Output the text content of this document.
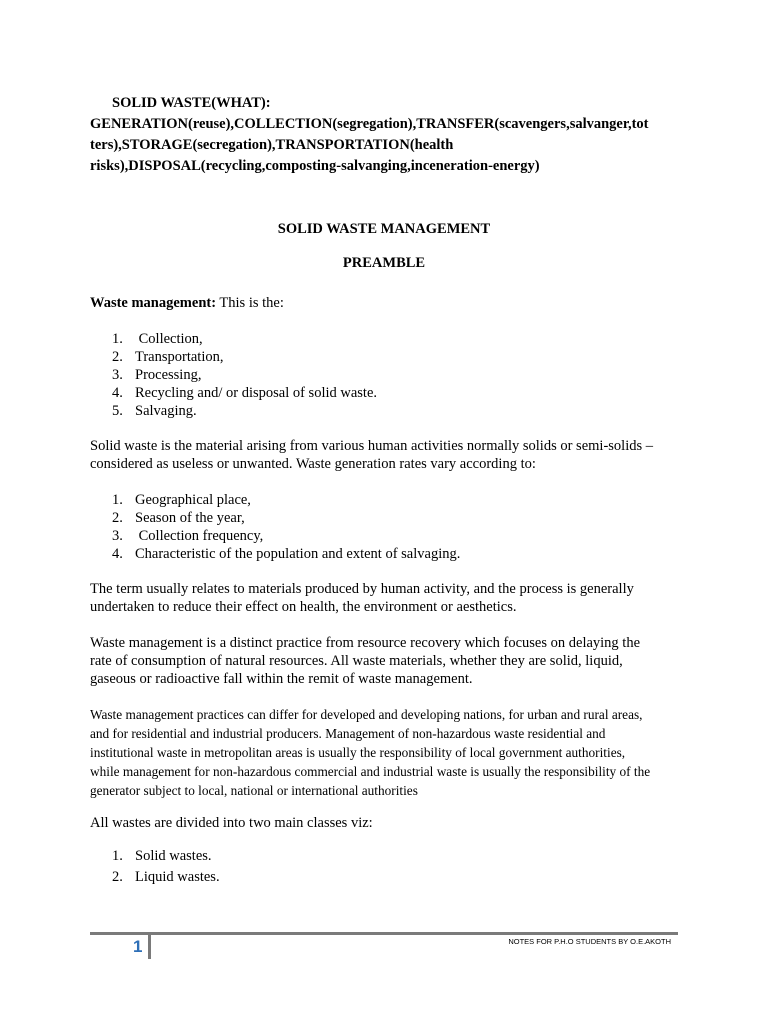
SOLID WASTE(WHAT):
GENERATION(reuse),COLLECTION(segregation),TRANSFER(scavengers,salvanger,tot
ters),STORAGE(secregation),TRANSPORTATION(health
risks),DISPOSAL(recycling,composting-salvanging,inceneration-energy)
SOLID WASTE MANAGEMENT
PREAMBLE
Waste management: This is the:
1. Collection,
2. Transportation,
3. Processing,
4. Recycling and/ or disposal of solid waste.
5. Salvaging.
Solid waste is the material arising from various human activities normally solids or semi-solids –
considered as useless or unwanted. Waste generation rates vary according to:
1. Geographical place,
2. Season of the year,
3. Collection frequency,
4. Characteristic of the population and extent of salvaging.
The term usually relates to materials produced by human activity, and the process is generally
undertaken to reduce their effect on health, the environment or aesthetics.
Waste management is a distinct practice from resource recovery which focuses on delaying the
rate of consumption of natural resources. All waste materials, whether they are solid, liquid,
gaseous or radioactive fall within the remit of waste management.
Waste management practices can differ for developed and developing nations, for urban and rural areas,
and for residential and industrial producers. Management of non-hazardous waste residential and
institutional waste in metropolitan areas is usually the responsibility of local government authorities,
while management for non-hazardous commercial and industrial waste is usually the responsibility of the
generator subject to local, national or international authorities
All wastes are divided into two main classes viz:
1. Solid wastes.
2. Liquid wastes.
1	NOTES FOR P.H.O STUDENTS BY O.E.AKOTH
